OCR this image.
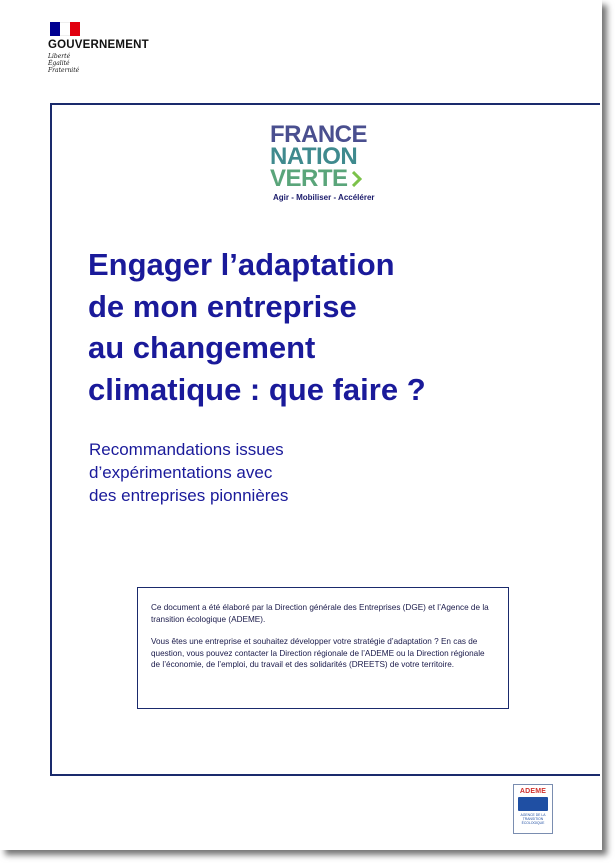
GOUVERNEMENT
Liberté
Égalité
Fraternité
FRANCE
NATION
VERTE
Agir - Mobiliser - Accélérer
Engager l’adaptation
de mon entreprise
au changement
climatique : que faire ?
Recommandations issues
d’expérimentations avec
des entreprises pionnières

Ce document a été élaboré par la Direction générale des Entreprises (DGE) et l’Agence de la transition écologique (ADEME).

Vous êtes une entreprise et souhaitez développer votre stratégie d’adaptation ? En cas de question, vous pouvez contacter la Direction régionale de l’ADEME ou la Direction régionale de l’économie, de l’emploi, du travail et des solidarités (DREETS) de votre territoire.

ADEME
AGENCE DE LA TRANSITION ÉCOLOGIQUE
